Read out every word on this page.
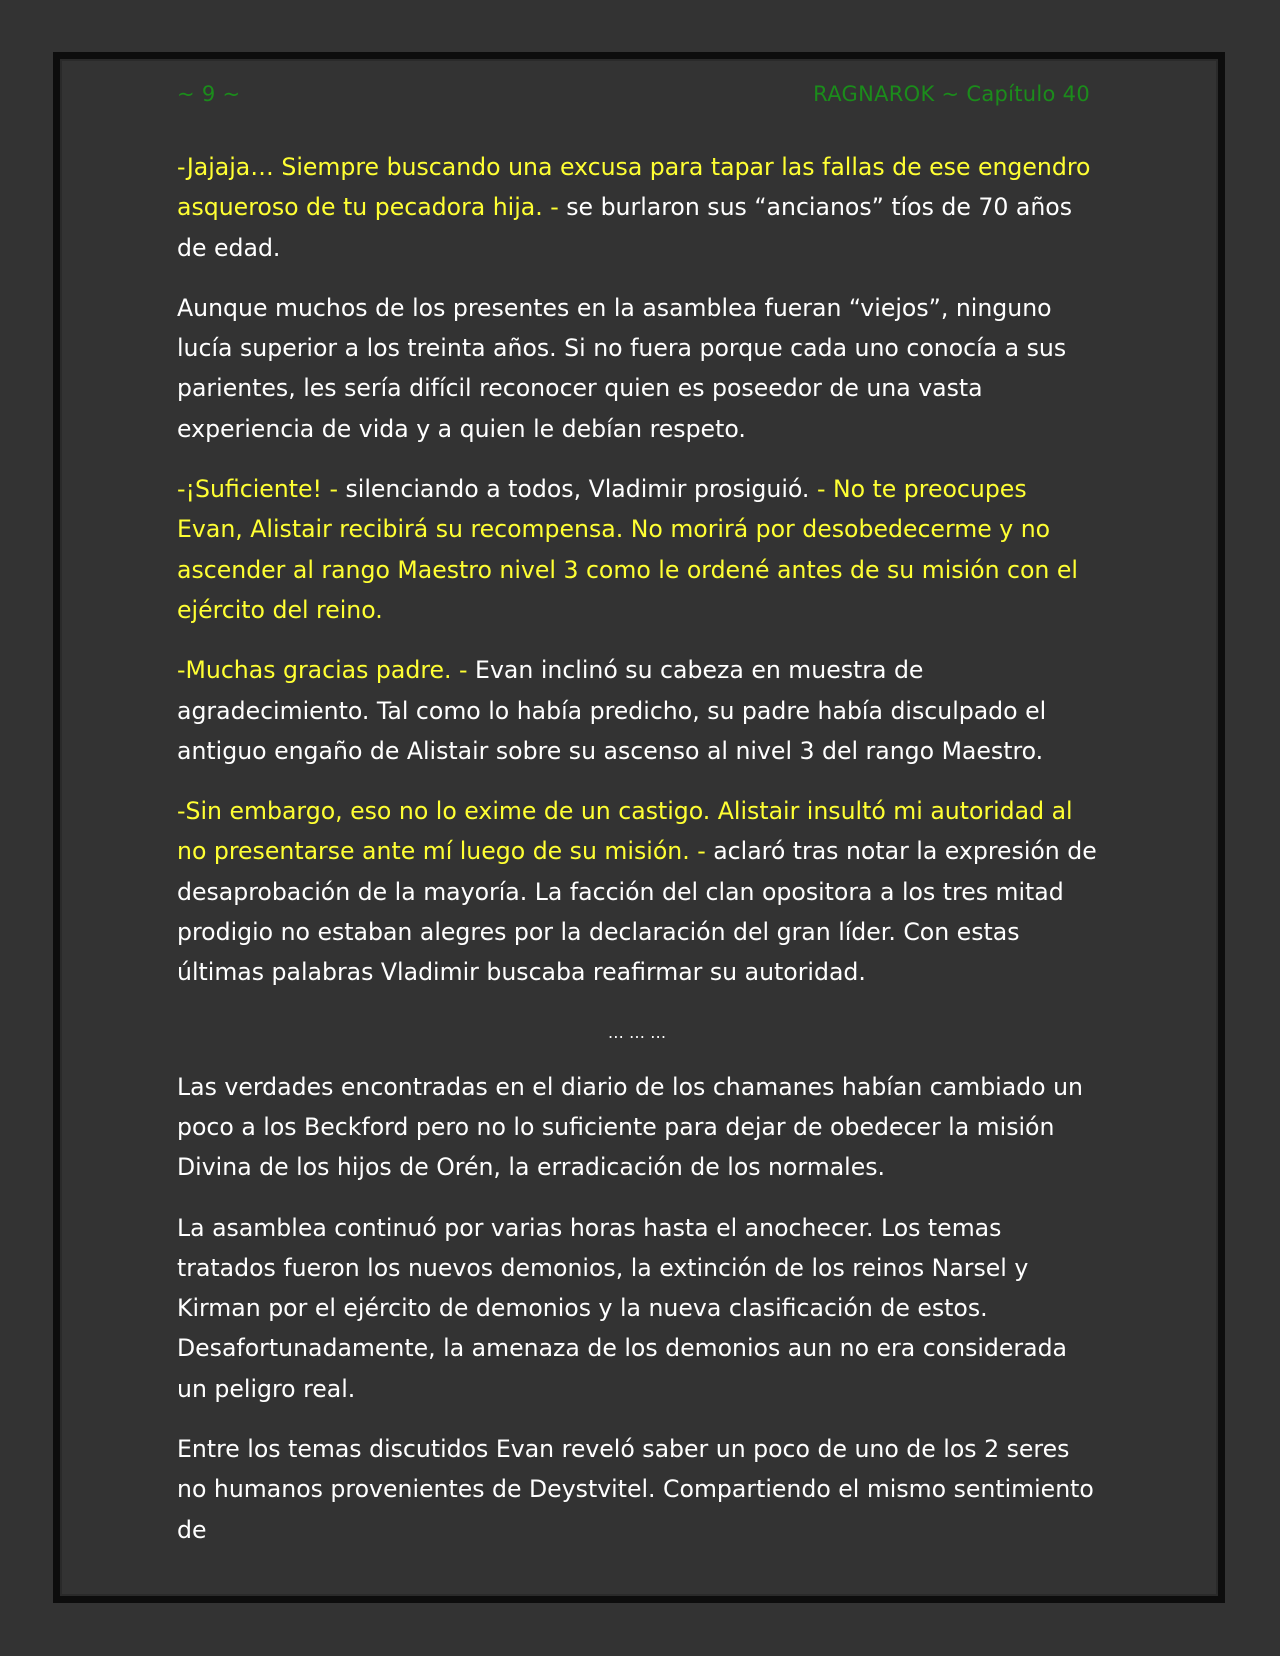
~ 9 ~	RAGNAROK ~ Capítulo 40

-Jajaja… Siempre buscando una excusa para tapar las fallas de ese engendro asqueroso de tu pecadora hija. - se burlaron sus “ancianos” tíos de 70 años de edad.

Aunque muchos de los presentes en la asamblea fueran “viejos”, ninguno lucía superior a los treinta años. Si no fuera porque cada uno conocía a sus parientes, les sería difícil reconocer quien es poseedor de una vasta experiencia de vida y a quien le debían respeto.

-¡Suficiente! - silenciando a todos, Vladimir prosiguió. - No te preocupes Evan, Alistair recibirá su recompensa. No morirá por desobedecerme y no ascender al rango Maestro nivel 3 como le ordené antes de su misión con el ejército del reino.

-Muchas gracias padre. - Evan inclinó su cabeza en muestra de agradecimiento. Tal como lo había predicho, su padre había disculpado el antiguo engaño de Alistair sobre su ascenso al nivel 3 del rango Maestro.

-Sin embargo, eso no lo exime de un castigo. Alistair insultó mi autoridad al no presentarse ante mí luego de su misión. - aclaró tras notar la expresión de desaprobación de la mayoría. La facción del clan opositora a los tres mitad prodigio no estaban alegres por la declaración del gran líder. Con estas últimas palabras Vladimir buscaba reafirmar su autoridad.

… … …

Las verdades encontradas en el diario de los chamanes habían cambiado un poco a los Beckford pero no lo suficiente para dejar de obedecer la misión Divina de los hijos de Orén, la erradicación de los normales.

La asamblea continuó por varias horas hasta el anochecer. Los temas tratados fueron los nuevos demonios, la extinción de los reinos Narsel y Kirman por el ejército de demonios y la nueva clasificación de estos. Desafortunadamente, la amenaza de los demonios aun no era considerada un peligro real.

Entre los temas discutidos Evan reveló saber un poco de uno de los 2 seres no humanos provenientes de Deystvitel. Compartiendo el mismo sentimiento de
